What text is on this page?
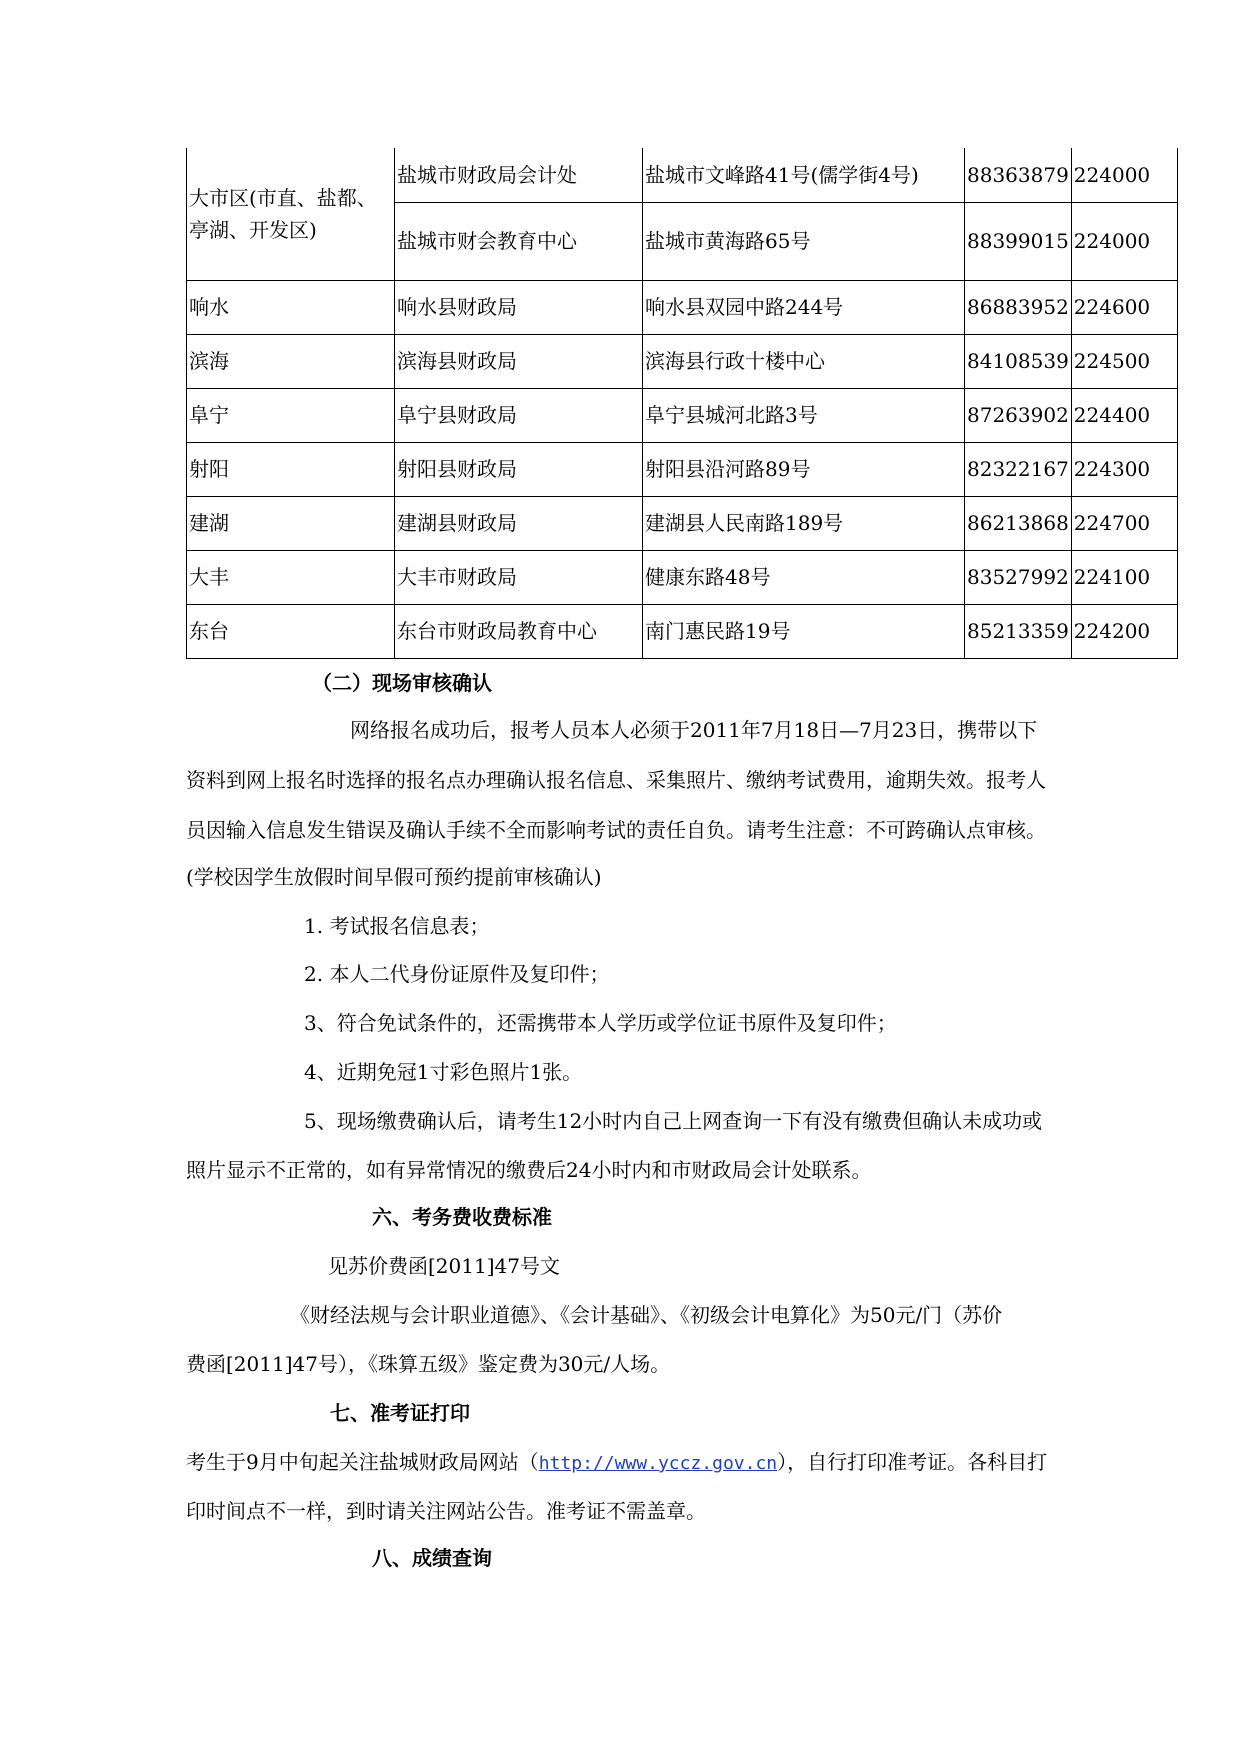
大市区(市直、盐都、亭湖、开发区)	盐城市财政局会计处	盐城市文峰路41号(儒学街4号)	88363879	224000
	盐城市财会教育中心	盐城市黄海路65号	88399015	224000
响水	响水县财政局	响水县双园中路244号	86883952	224600
滨海	滨海县财政局	滨海县行政十楼中心	84108539	224500
阜宁	阜宁县财政局	阜宁县城河北路3号	87263902	224400
射阳	射阳县财政局	射阳县沿河路89号	82322167	224300
建湖	建湖县财政局	建湖县人民南路189号	86213868	224700
大丰	大丰市财政局	健康东路48号	83527992	224100
东台	东台市财政局教育中心	南门惠民路19号	85213359	224200
（二）现场审核确认
网络报名成功后，报考人员本人必须于2011年7月18日—7月23日，携带以下
资料到网上报名时选择的报名点办理确认报名信息、采集照片、缴纳考试费用，逾期失效。报考人
员因输入信息发生错误及确认手续不全而影响考试的责任自负。请考生注意：不可跨确认点审核。
(学校因学生放假时间早假可预约提前审核确认)
1. 考试报名信息表；
2. 本人二代身份证原件及复印件；
3、符合免试条件的，还需携带本人学历或学位证书原件及复印件；
4、近期免冠1寸彩色照片1张。
5、现场缴费确认后，请考生12小时内自己上网查询一下有没有缴费但确认未成功或
照片显示不正常的，如有异常情况的缴费后24小时内和市财政局会计处联系。
六、考务费收费标准
见苏价费函[2011]47号文
《财经法规与会计职业道德》、《会计基础》、《初级会计电算化》为50元/门（苏价
费函[2011]47号），《珠算五级》鉴定费为30元/人场。
七、准考证打印
考生于9月中旬起关注盐城财政局网站（http://www.yccz.gov.cn），自行打印准考证。各科目打
印时间点不一样，到时请关注网站公告。准考证不需盖章。
八、成绩查询
